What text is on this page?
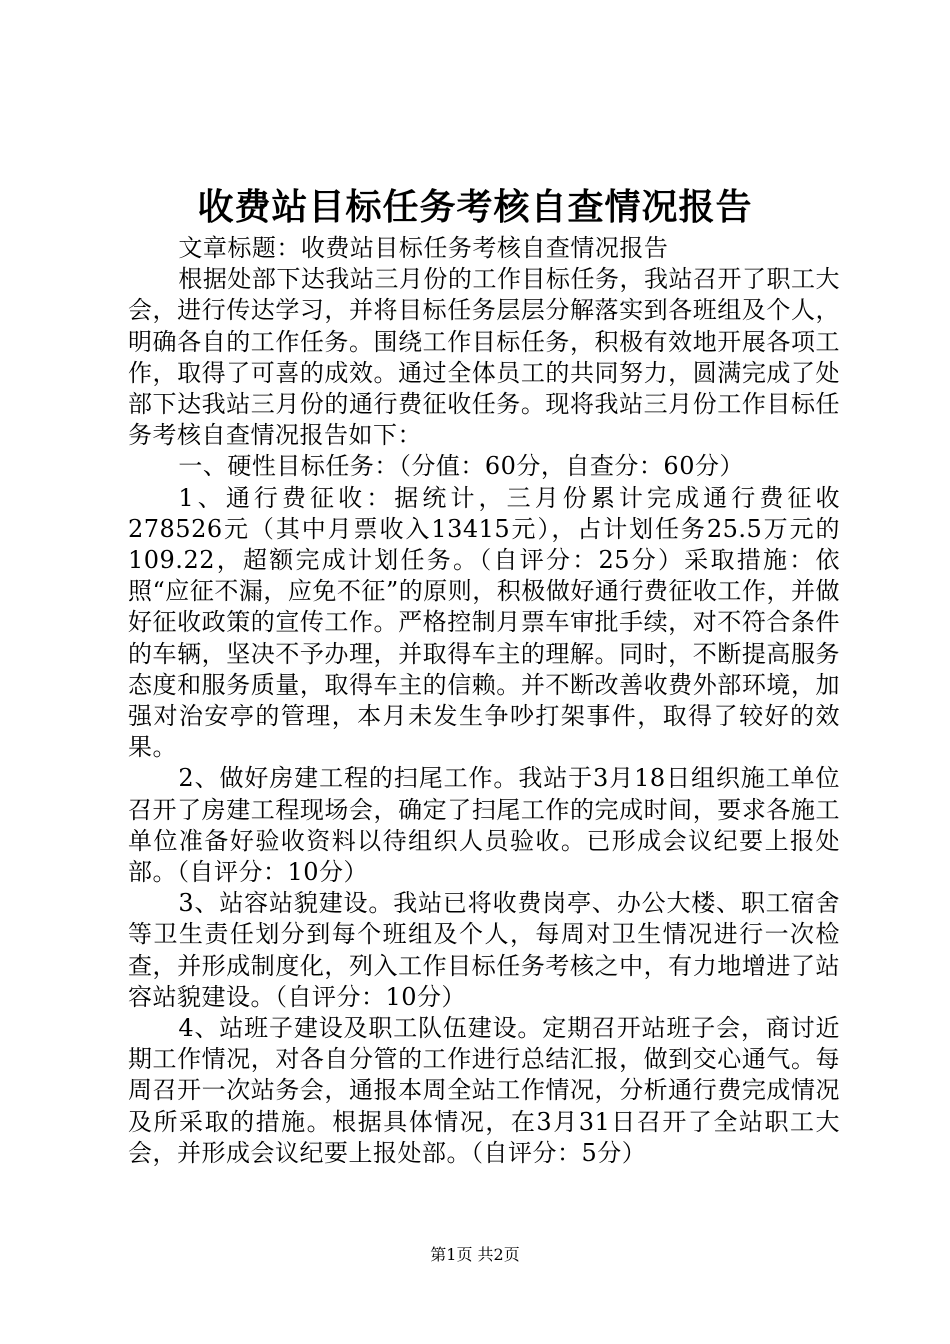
收费站目标任务考核自查情况报告

文章标题：收费站目标任务考核自查情况报告

根据处部下达我站三月份的工作目标任务，我站召开了职工大会，进行传达学习，并将目标任务层层分解落实到各班组及个人，明确各自的工作任务。围绕工作目标任务，积极有效地开展各项工作，取得了可喜的成效。通过全体员工的共同努力，圆满完成了处部下达我站三月份的通行费征收任务。现将我站三月份工作目标任务考核自查情况报告如下：

一、硬性目标任务：（分值：60分，自查分：60分）

1、通行费征收：据统计，三月份累计完成通行费征收278526元（其中月票收入13415元），占计划任务25.5万元的109.22，超额完成计划任务。（自评分：25分）采取措施：依照“应征不漏，应免不征”的原则，积极做好通行费征收工作，并做好征收政策的宣传工作。严格控制月票车审批手续，对不符合条件的车辆，坚决不予办理，并取得车主的理解。同时，不断提高服务态度和服务质量，取得车主的信赖。并不断改善收费外部环境，加强对治安亭的管理，本月未发生争吵打架事件，取得了较好的效果。

2、做好房建工程的扫尾工作。我站于3月18日组织施工单位召开了房建工程现场会，确定了扫尾工作的完成时间，要求各施工单位准备好验收资料以待组织人员验收。已形成会议纪要上报处部。（自评分：10分）

3、站容站貌建设。我站已将收费岗亭、办公大楼、职工宿舍等卫生责任划分到每个班组及个人，每周对卫生情况进行一次检查，并形成制度化，列入工作目标任务考核之中，有力地增进了站容站貌建设。（自评分：10分）

4、站班子建设及职工队伍建设。定期召开站班子会，商讨近期工作情况，对各自分管的工作进行总结汇报，做到交心通气。每周召开一次站务会，通报本周全站工作情况，分析通行费完成情况及所采取的措施。根据具体情况，在3月31日召开了全站职工大会，并形成会议纪要上报处部。（自评分：5分）

第1页 共2页
